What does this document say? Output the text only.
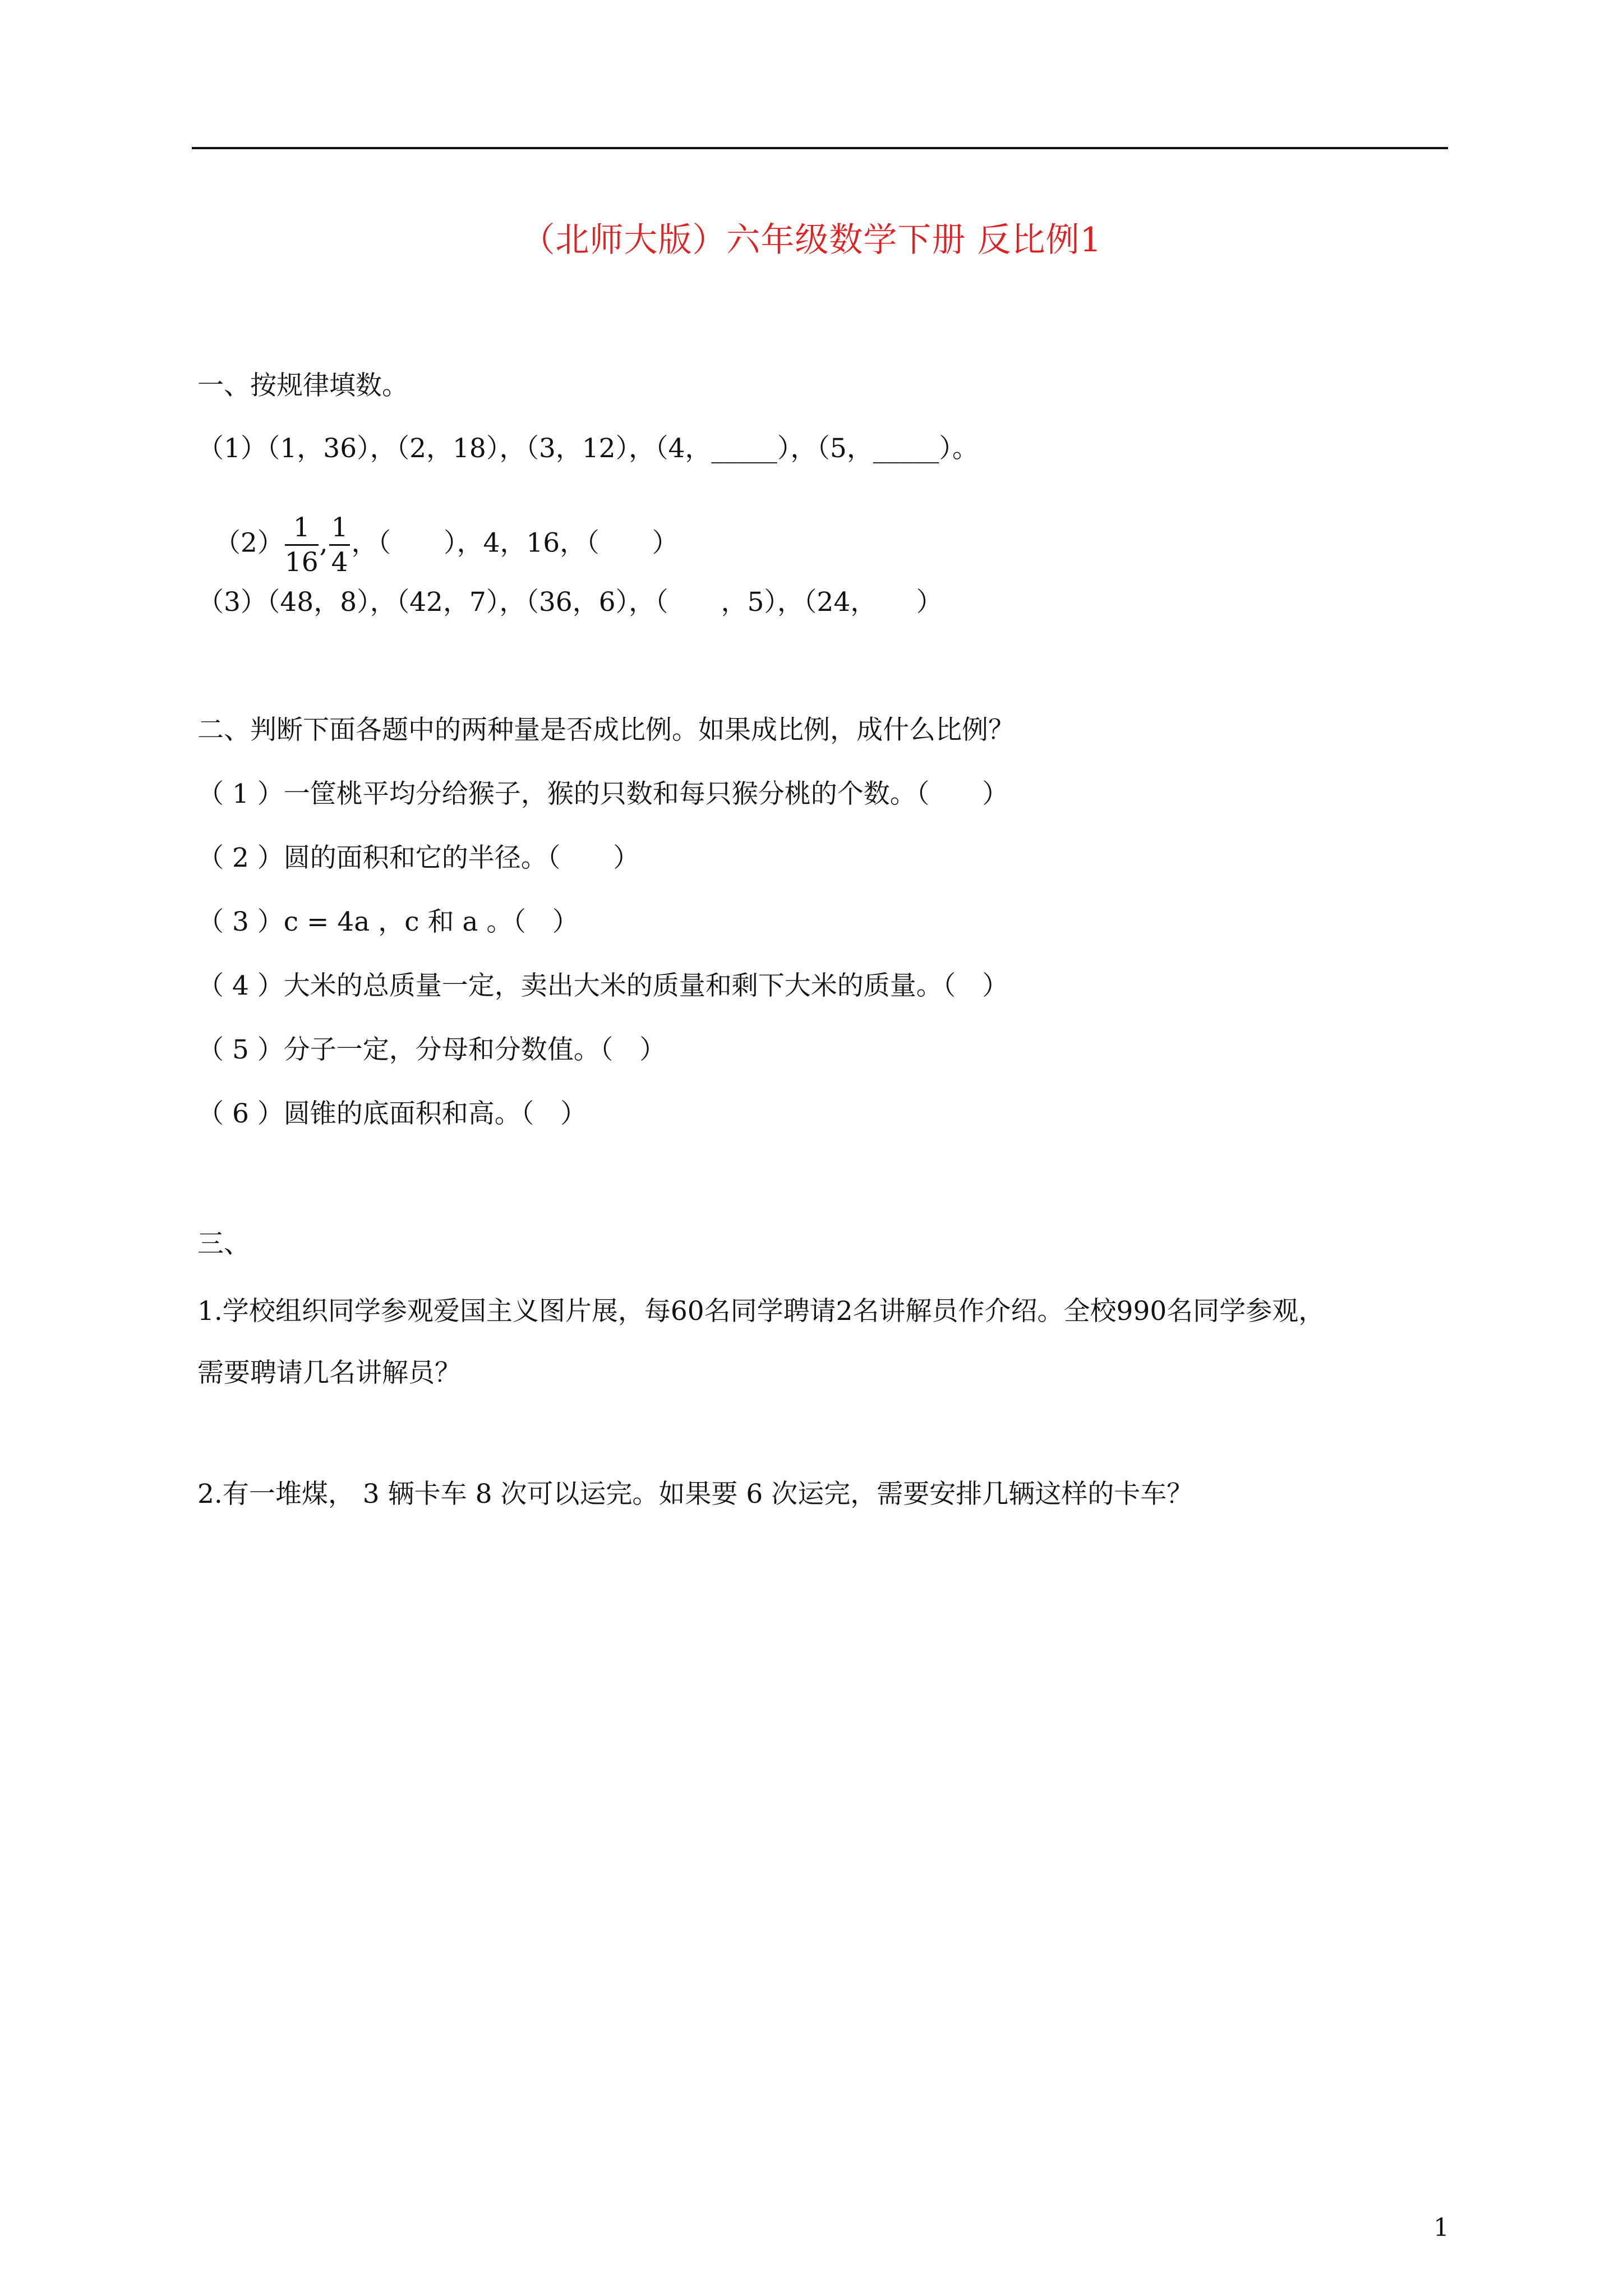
（北师大版）六年级数学下册 反比例1
一、按规律填数。
（1）（1，36），（2，18），（3，12），（4，_____），（5，_____）。

$(2) \frac{1}{16}$ , $\frac{1}{4}$ ，（　　），4，16，（　　）

（3）（48，8），（42，7），（36，6），（　　，5），（24，　　）
二、判断下面各题中的两种量是否成比例。如果成比例，成什么比例？
（ 1 ）一筐桃平均分给猴子，猴的只数和每只猴分桃的个数。（　　）
（ 2 ）圆的面积和它的半径。（　　）
（ 3 ）c = 4a ，c 和 a 。（　）
（ 4 ）大米的总质量一定，卖出大米的质量和剩下大米的质量。（　）
（ 5 ）分子一定，分母和分数值。（　）
（ 6 ）圆锥的底面积和高。（　）
三、
1.学校组织同学参观爱国主义图片展，每60名同学聘请2名讲解员作介绍。全校990名同学参观，
需要聘请几名讲解员？
2.有一堆煤， 3 辆卡车 8 次可以运完。如果要 6 次运完，需要安排几辆这样的卡车？
1
